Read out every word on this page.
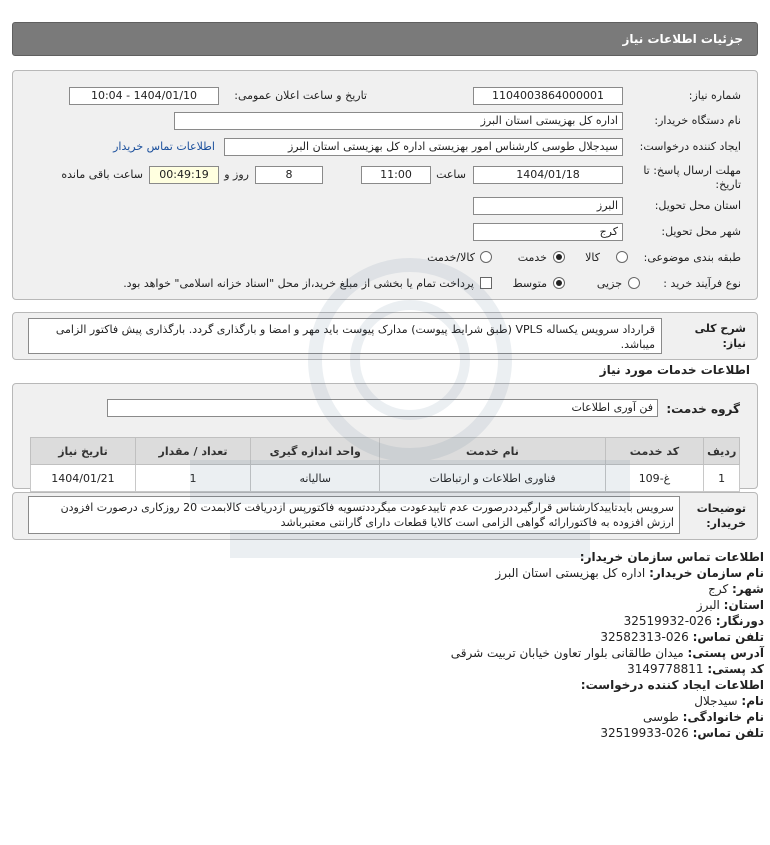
جزئیات اطلاعات نیاز
شماره نیاز:
1104003864000001
تاریخ و ساعت اعلان عمومی:
1404/01/10 - 10:04
نام دستگاه خریدار:
اداره کل بهزیستی استان البرز
ایجاد کننده درخواست:
سیدجلال طوسی کارشناس امور بهزیستی اداره کل بهزیستی استان البرز
اطلاعات تماس خریدار
مهلت ارسال پاسخ: تا
تاریخ:
1404/01/18
ساعت
11:00
8
روز و
00:49:19
ساعت باقی مانده
استان محل تحویل:
البرز
شهر محل تحویل:
کرج
طبقه بندی موضوعی:
کالا
خدمت
کالا/خدمت
نوع فرآیند خرید :
جزیی
متوسط
پرداخت تمام یا بخشی از مبلغ خرید،از محل "اسناد خزانه اسلامی" خواهد بود.
شرح کلی
نیاز:
قرارداد سرویس یکساله VPLS (طبق شرایط پیوست) مدارک پیوست باید مهر و امضا و بارگذاری گردد. بارگذاری پیش فاکتور الزامی میباشد.
اطلاعات خدمات مورد نیاز
گروه خدمت:
فن آوری اطلاعات
ردیف	کد خدمت	نام خدمت	واحد اندازه گیری	تعداد / مقدار	تاریخ نیاز
1	غ-109	فناوری اطلاعات و ارتباطات	سالیانه	1	1404/01/21
توضیحات
خریدار:
سرویس بایدتاییدکارشناس قرارگیرددرصورت عدم تاییدعودت میگرددتسویه فاکتورپس ازدریافت کالابمدت 20 روزکاری درصورت افزودن ارزش افزوده به فاکتورارائه گواهی الزامی است کالایا قطعات دارای گارانتی معتبرباشد
اطلاعات تماس سازمان خریدار:
نام سازمان خریدار: اداره کل بهزیستی استان البرز
شهر: کرج
استان: البرز
دورنگار: 026-32519932
تلفن تماس: 026-32582313
آدرس پستی: میدان طالقانی بلوار تعاون خیابان تربیت شرقی
کد پستی: 3149778811
اطلاعات ایجاد کننده درخواست:
نام: سیدجلال
نام خانوادگی: طوسی
تلفن تماس: 026-32519933
